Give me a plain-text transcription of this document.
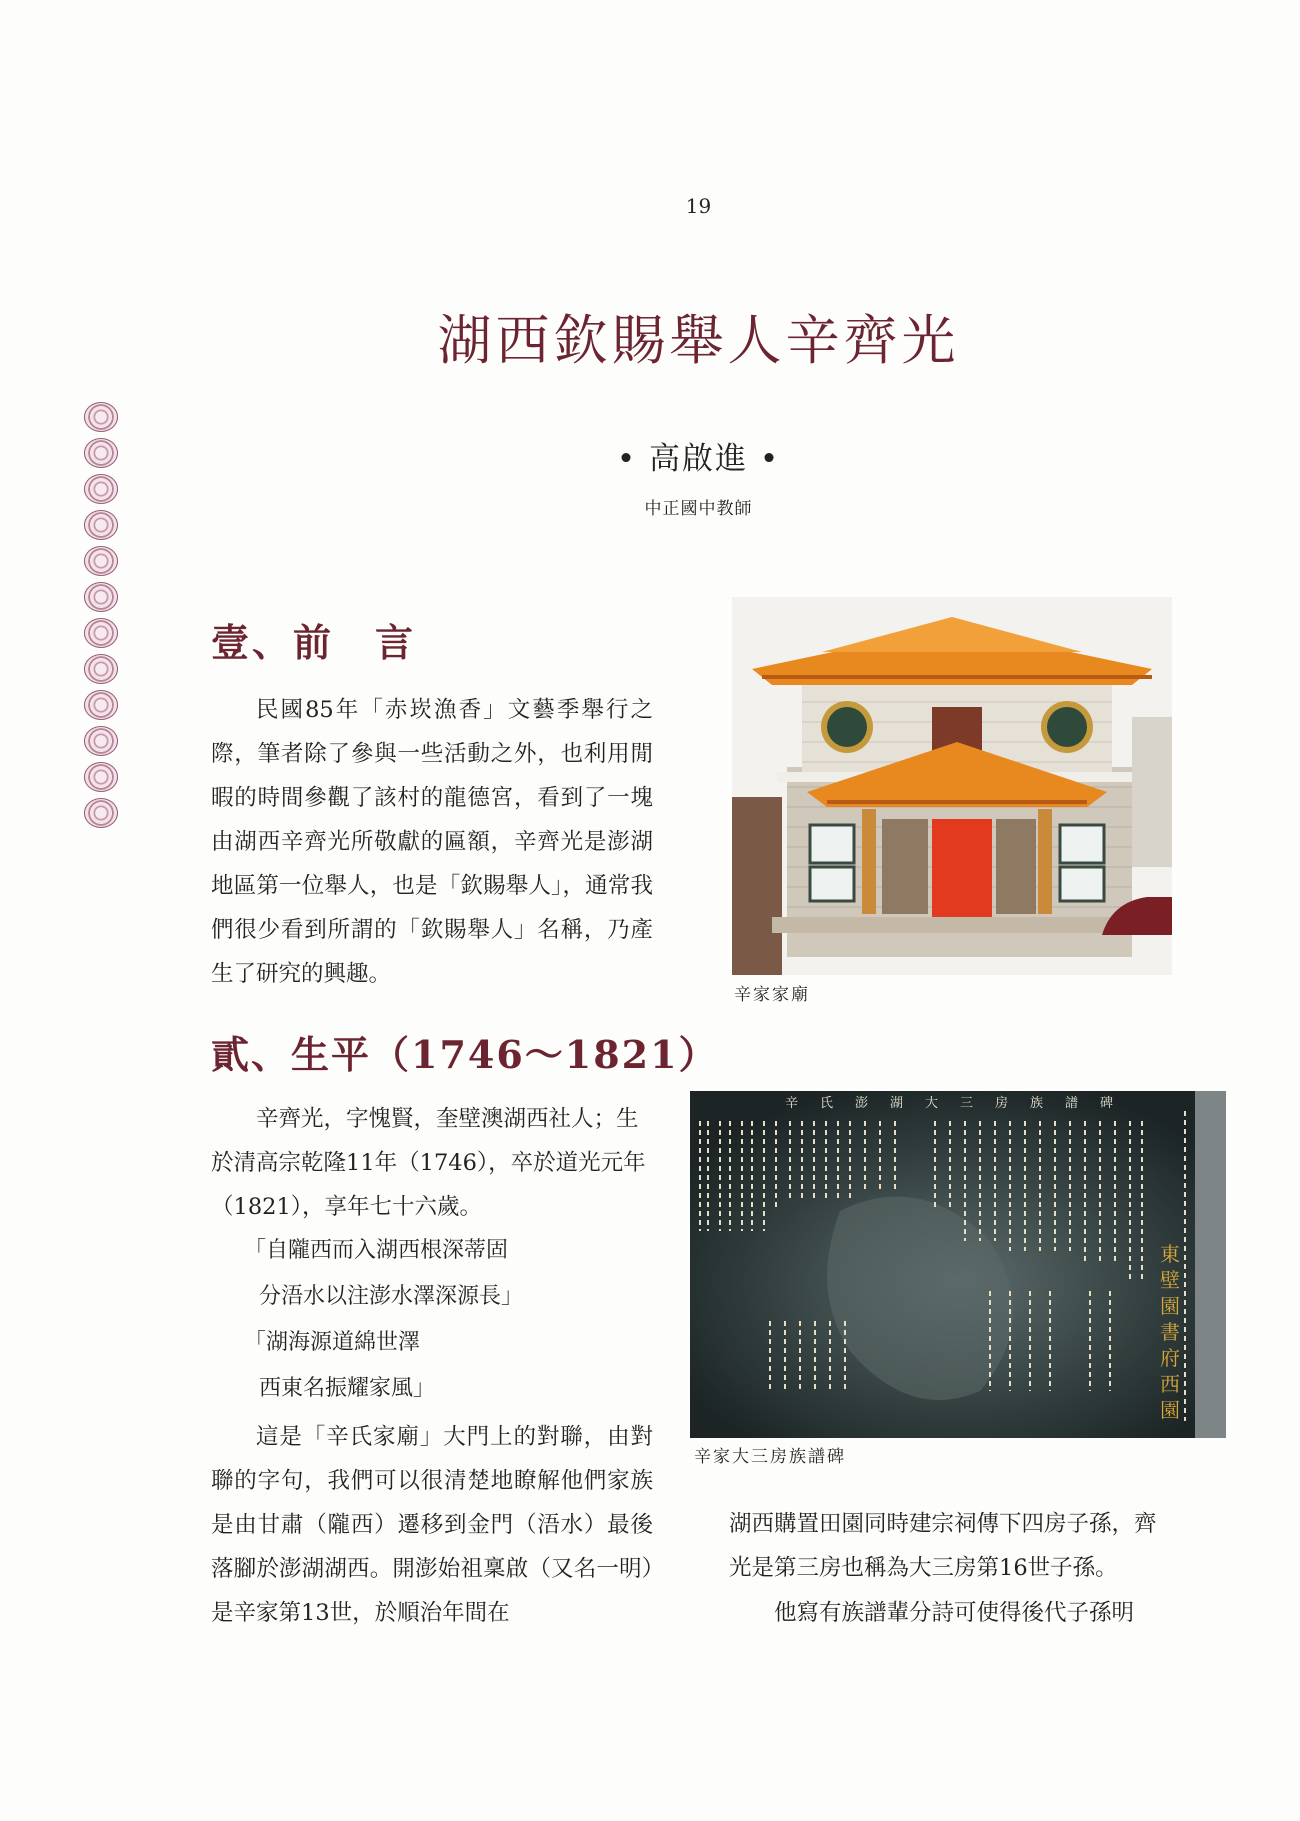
19
湖西欽賜舉人辛齊光
• 高啟進 •
中正國中教師
壹、前　言

民國85年「赤崁漁香」文藝季舉行之際，筆者除了參與一些活動之外，也利用閒暇的時間參觀了該村的龍德宮，看到了一塊由湖西辛齊光所敬獻的匾額，辛齊光是澎湖地區第一位舉人，也是「欽賜舉人」，通常我們很少看到所謂的「欽賜舉人」名稱，乃產生了研究的興趣。

貳、生平（1746～1821）

辛齊光，字愧賢，奎壁澳湖西社人；生於清高宗乾隆11年（1746），卒於道光元年（1821），享年七十六歲。

「自隴西而入湖西根深蒂固
分浯水以注澎水澤深源長」
「湖海源道綿世澤
西東名振耀家風」

這是「辛氏家廟」大門上的對聯，由對聯的字句，我們可以很清楚地瞭解他們家族是由甘肅（隴西）遷移到金門（浯水）最後落腳於澎湖湖西。開澎始祖稟啟（又名一明）是辛家第13世，於順治年間在

湖西購置田園同時建宗祠傳下四房子孫，齊光是第三房也稱為大三房第16世子孫。

他寫有族譜輩分詩可使得後代子孫明

辛家家廟
辛氏澎湖大三房族譜碑
東
壁
園
書
府
西
園
辛家大三房族譜碑
